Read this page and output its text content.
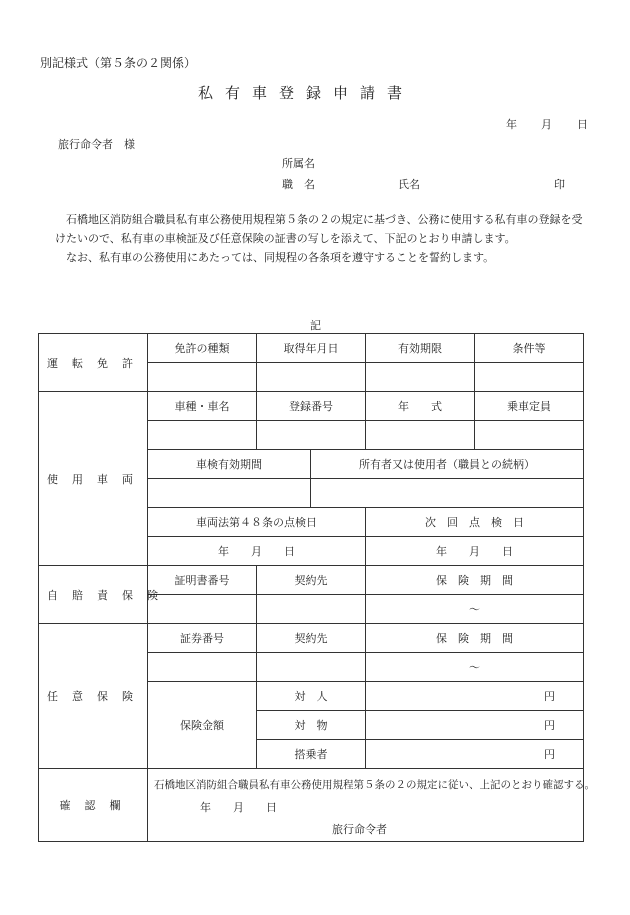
別記様式（第５条の２関係）
私有車登録申請書
年 月 日
旅行命令者　様
所属名
職　名	氏名	印

石橋地区消防組合職員私有車公務使用規程第５条の２の規定に基づき、公務に使用する私有車の登録を受けたいので、私有車の車検証及び任意保険の証書の写しを添えて、下記のとおり申請します。

なお、私有車の公務使用にあたっては、同規程の各条項を遵守することを誓約します。

記
運転免許	免許の種類	取得年月日		有効期限	条件等

使用車両	車種・車名	登録番号		年　　式	乗車定員

	車検有効期間		所有者又は使用者（職員との続柄）		

	車両法第４８条の点検日			次　回　点　検　日	
	年　　月　　日			年　　月　　日	
自賠責保険	証明書番号	契約先		保　険　期　間	
				～	
任意保険	証券番号	契約先		保　険　期　間	
				～	
	保険金額	対　人		円	
		対　物		円	
		搭乗者		円	
確認欄	石橋地区消防組合職員私有車公務使用規程第５条の２の規定に従い、上記のとおり確認する。
年　　月　　日
旅行命令者				
